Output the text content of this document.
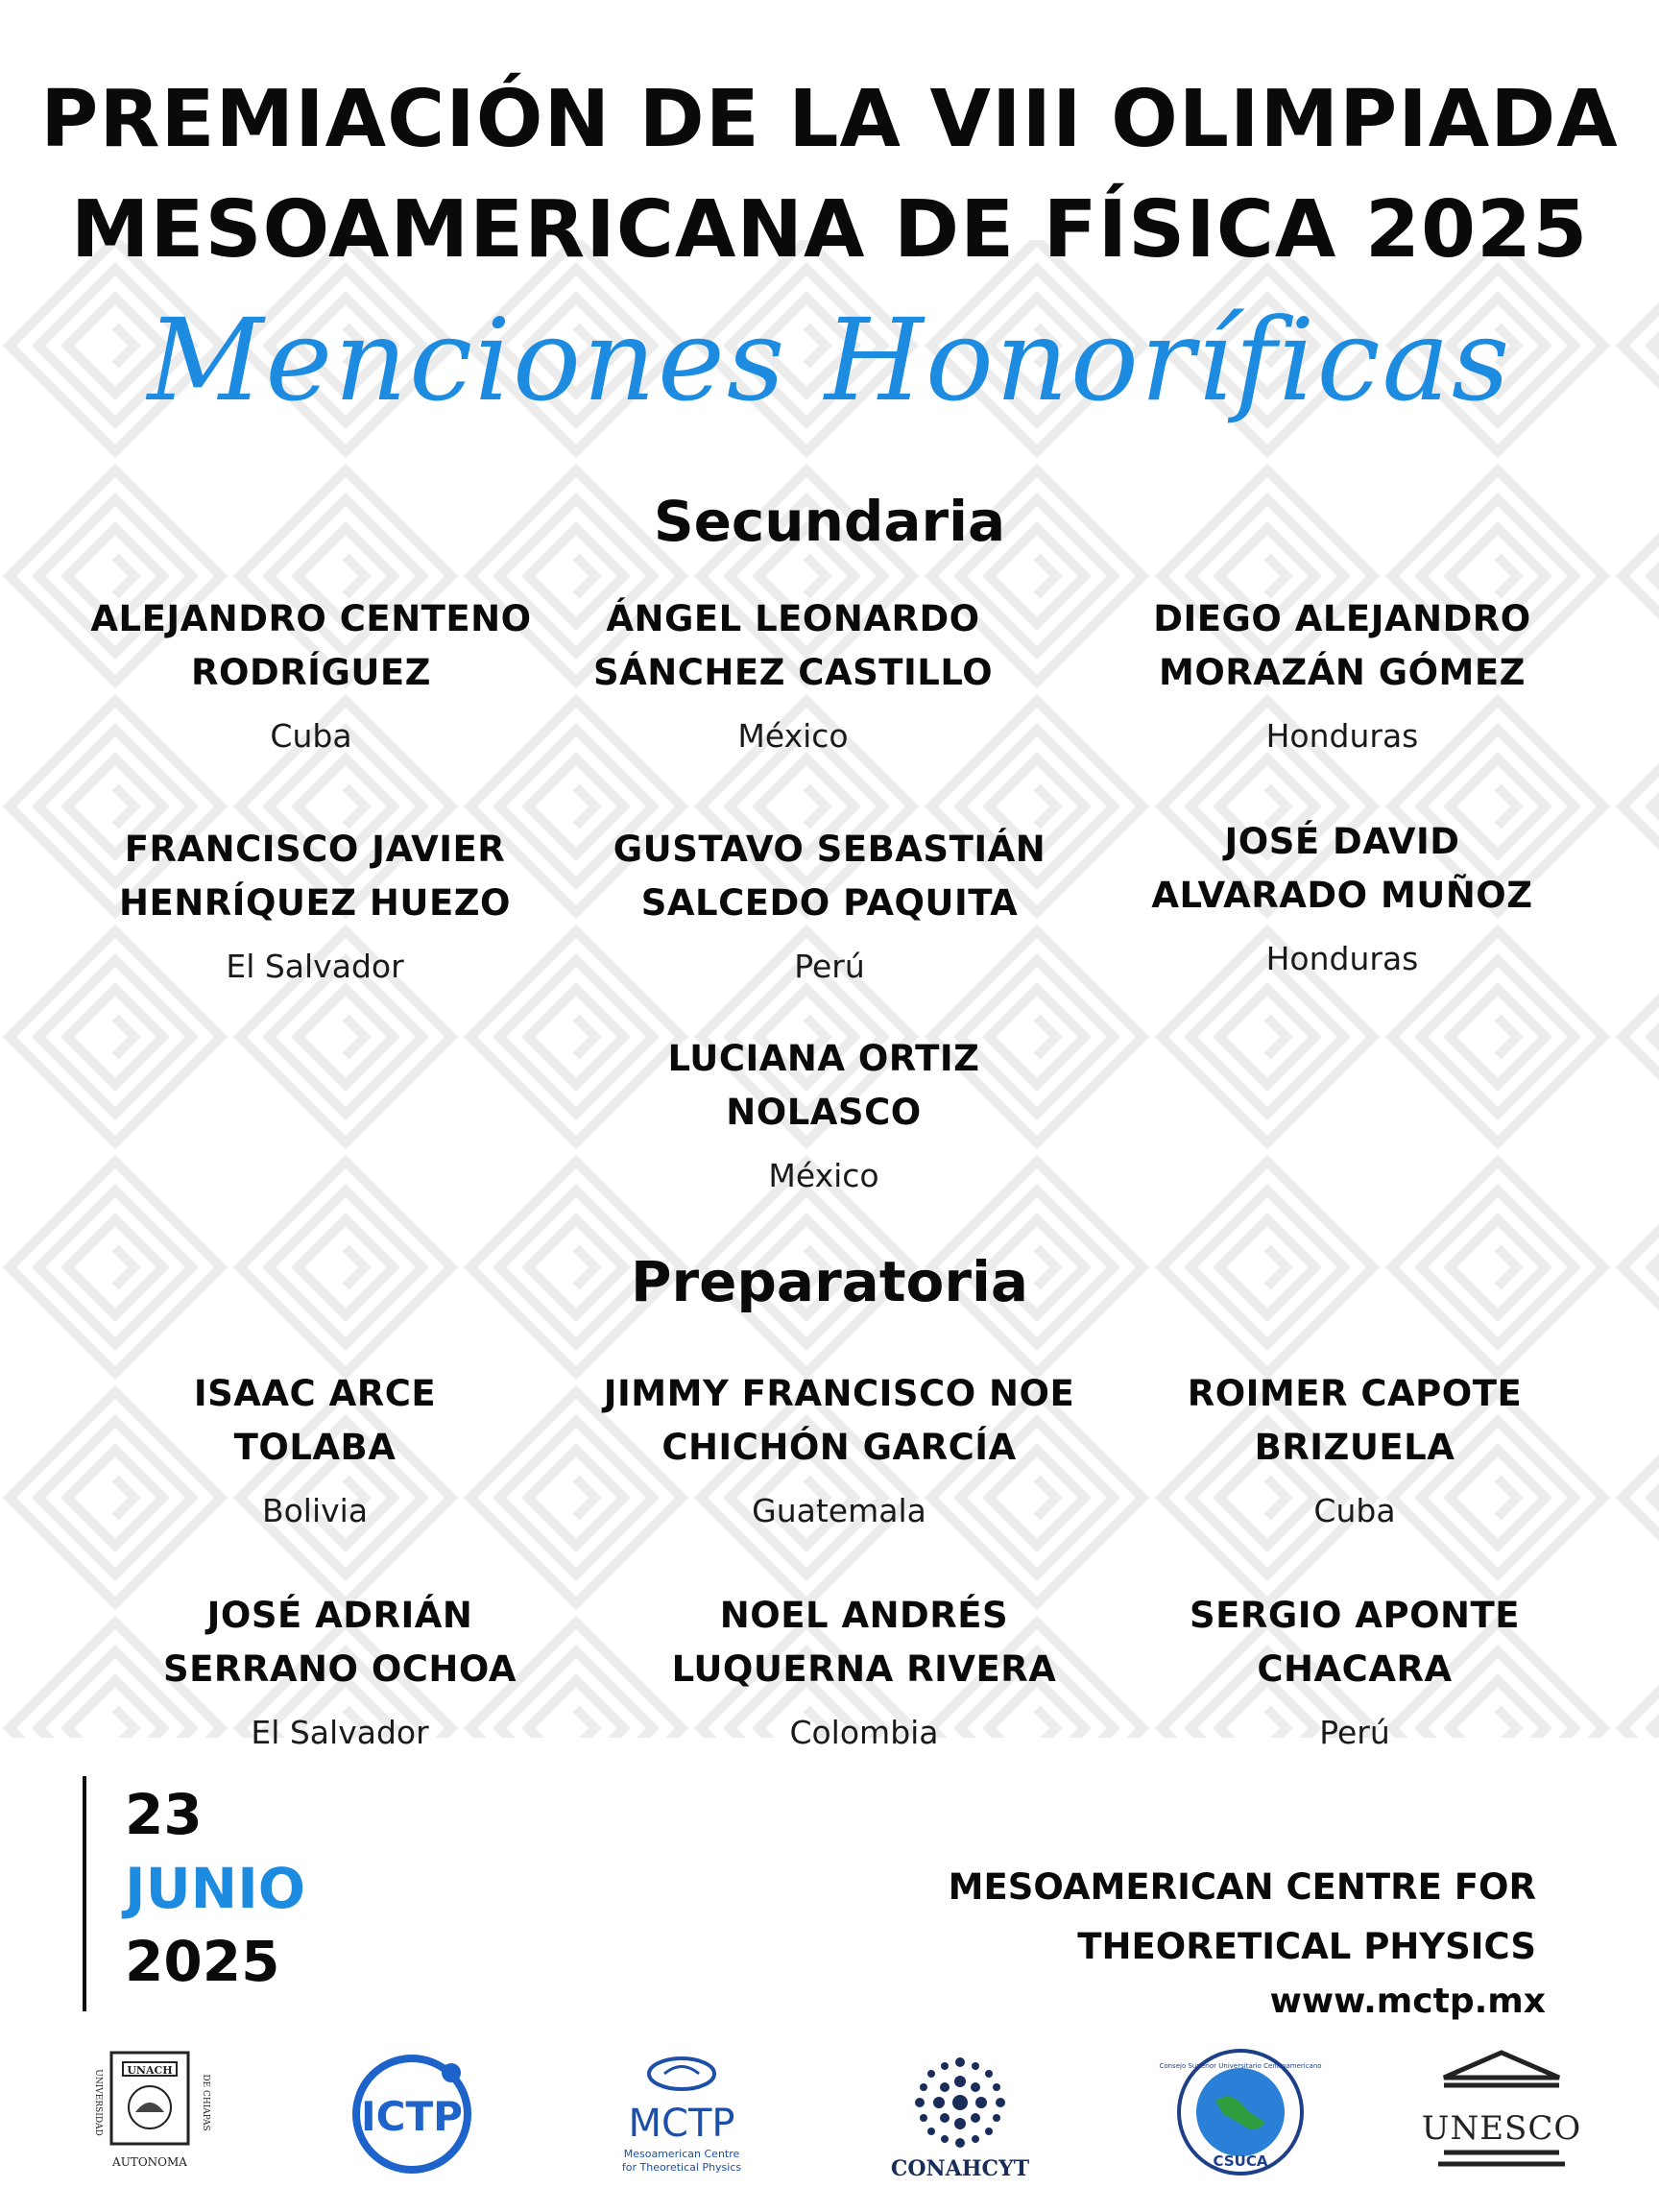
PREMIACIÓN DE LA VIII OLIMPIADA
MESOAMERICANA DE FÍSICA 2025
Menciones Honoríficas
Secundaria
ALEJANDRO CENTENO
RODRÍGUEZ
Cuba
ÁNGEL LEONARDO
SÁNCHEZ CASTILLO
México
DIEGO ALEJANDRO
MORAZÁN GÓMEZ
Honduras
FRANCISCO JAVIER
HENRÍQUEZ HUEZO
El Salvador
GUSTAVO SEBASTIÁN
SALCEDO PAQUITA
Perú
JOSÉ DAVID
ALVARADO MUÑOZ
Honduras
LUCIANA ORTIZ
NOLASCO
México
Preparatoria
ISAAC ARCE
TOLABA
Bolivia
JIMMY FRANCISCO NOE
CHICHÓN GARCÍA
Guatemala
ROIMER CAPOTE
BRIZUELA
Cuba
JOSÉ ADRIÁN
SERRANO OCHOA
El Salvador
NOEL ANDRÉS
LUQUERNA RIVERA
Colombia
SERGIO APONTE
CHACARA
Perú
23
JUNIO
2025
MESOAMERICAN CENTRE FOR
THEORETICAL PHYSICS
www.mctp.mx
UNACH
UNIVERSIDAD	DE CHIAPAS
AUTONOMA
ICTP	MCTP
Mesoamerican Centre
for Theoretical Physics	CONAHCYT
Consejo Superior Universitario Centroamericano
CSUCA
UNESCO
